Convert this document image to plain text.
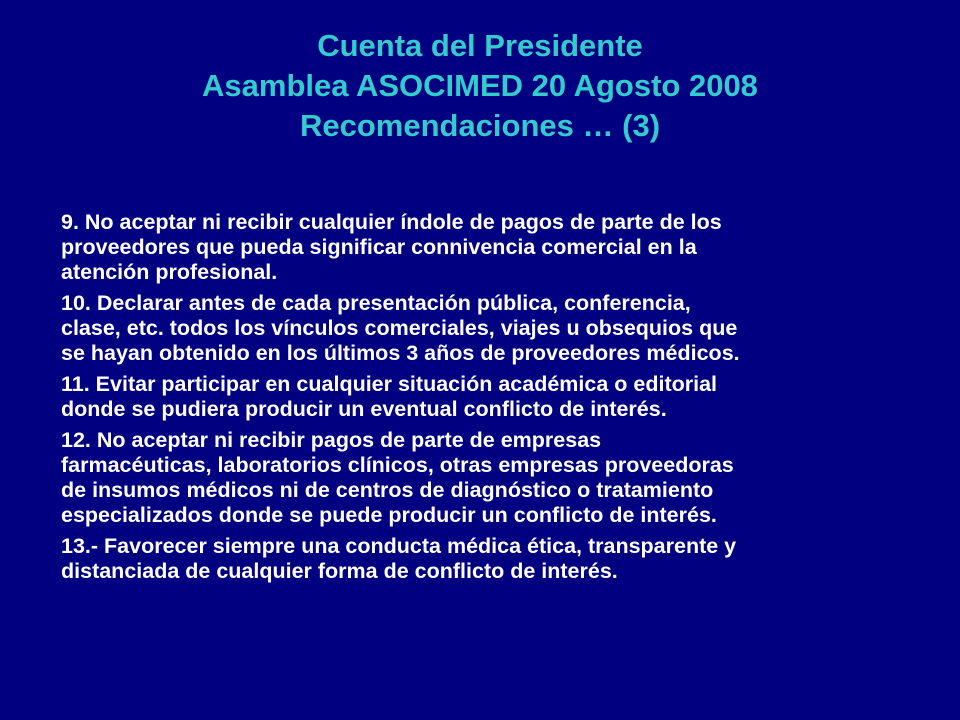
Cuenta del Presidente
Asamblea ASOCIMED 20 Agosto 2008
Recomendaciones … (3)
9. No aceptar ni recibir cualquier índole de pagos de parte de los
proveedores que pueda significar connivencia comercial en la
atención profesional.
10. Declarar antes de cada presentación pública, conferencia,
clase, etc. todos los vínculos comerciales, viajes u obsequios que
se hayan obtenido en los últimos 3 años de proveedores médicos.
11. Evitar participar en cualquier situación académica o editorial
donde se pudiera producir un eventual conflicto de interés.
12. No aceptar ni recibir pagos de parte de empresas
farmacéuticas, laboratorios clínicos, otras empresas proveedoras
de insumos médicos ni de centros de diagnóstico o tratamiento
especializados donde se puede producir un conflicto de interés.
13.- Favorecer siempre una conducta médica ética, transparente y
distanciada de cualquier forma de conflicto de interés.
